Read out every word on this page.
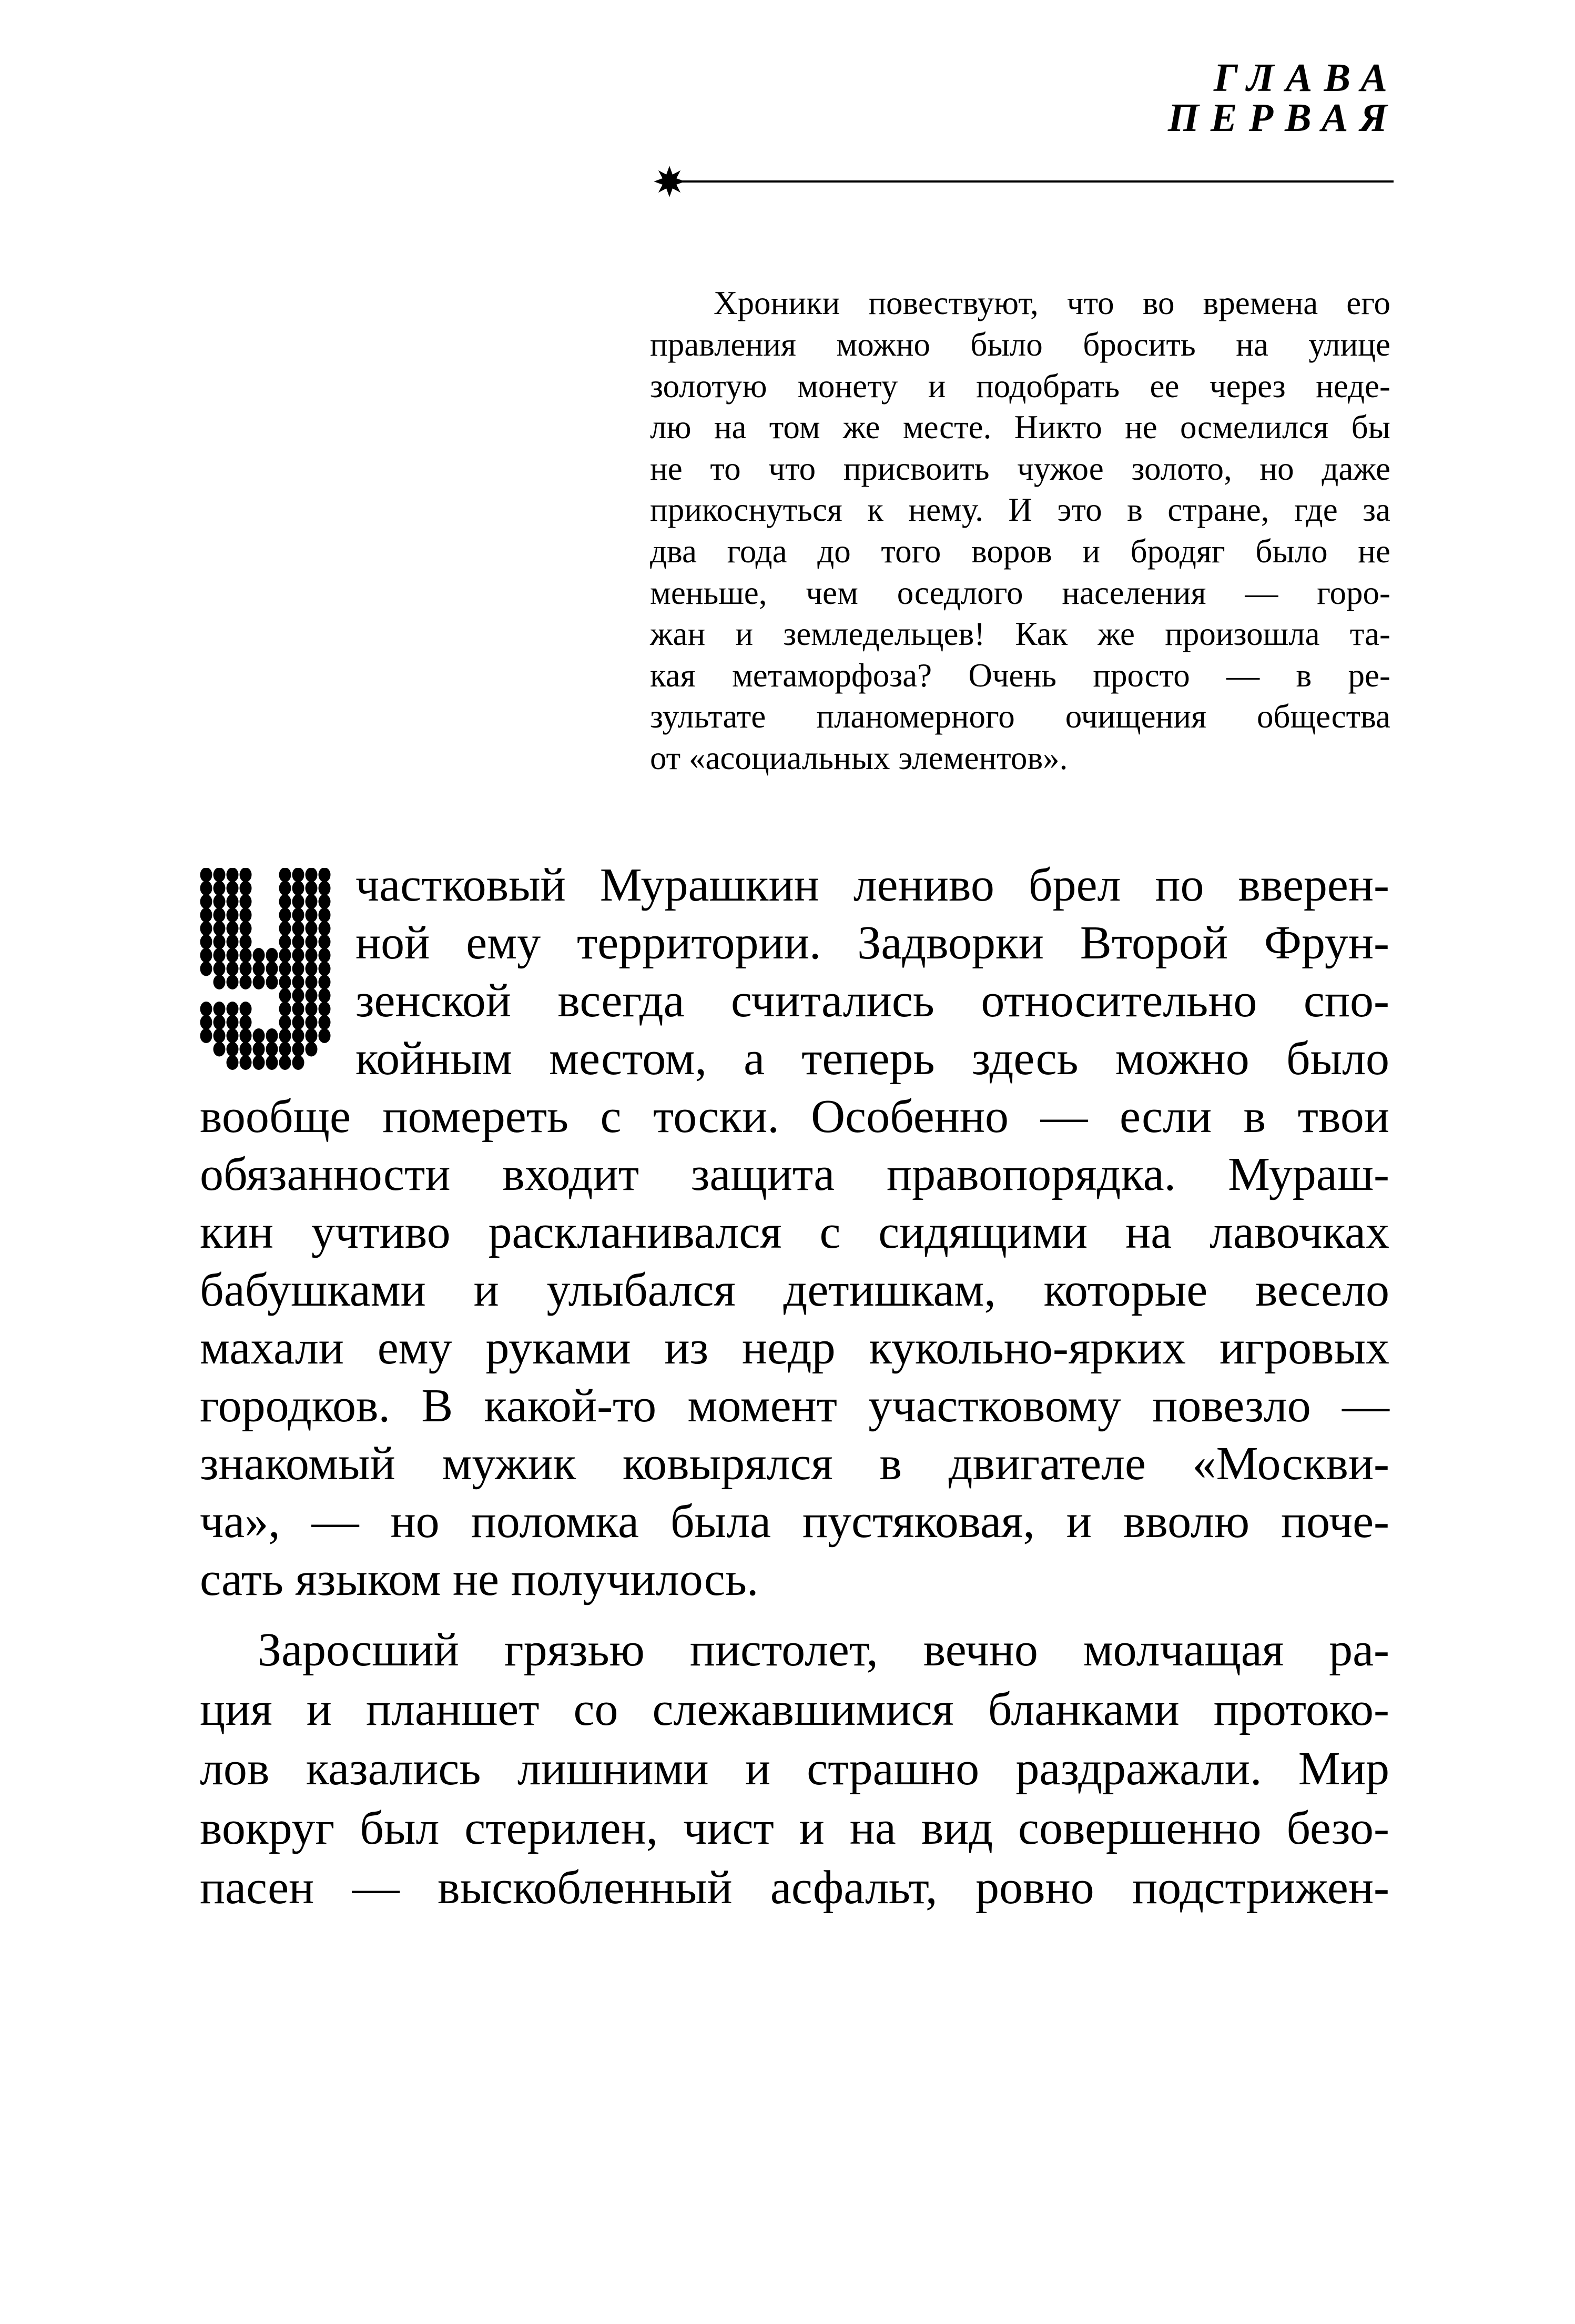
ГЛАВА
ПЕРВАЯ
Хроники повествуют, что во времена его
правления можно было бросить на улице
золотую монету и подобрать ее через неде-
лю на том же месте. Никто не осмелился бы
не то что присвоить чужое золото, но даже
прикоснуться к нему. И это в стране, где за
два года до того воров и бродяг было не
меньше, чем оседлого населения — горо-
жан и земледельцев! Как же произошла та-
кая метаморфоза? Очень просто — в ре-
зультате планомерного очищения общества
от «асоциальных элементов».
частковый Мурашкин лениво брел по вверен-
ной ему территории. Задворки Второй Фрун-
зенской всегда считались относительно спо-
койным местом, а теперь здесь можно было
вообще помереть с тоски. Особенно — если в твои
обязанности входит защита правопорядка. Мураш-
кин учтиво раскланивался с сидящими на лавочках
бабушками и улыбался детишкам, которые весело
махали ему руками из недр кукольно-ярких игровых
городков. В какой-то момент участковому повезло —
знакомый мужик ковырялся в двигателе «Москви-
ча», — но поломка была пустяковая, и вволю поче-
сать языком не получилось.
Заросший грязью пистолет, вечно молчащая ра-
ция и планшет со слежавшимися бланками протоко-
лов казались лишними и страшно раздражали. Мир
вокруг был стерилен, чист и на вид совершенно безо-
пасен — выскобленный асфальт, ровно подстрижен-
